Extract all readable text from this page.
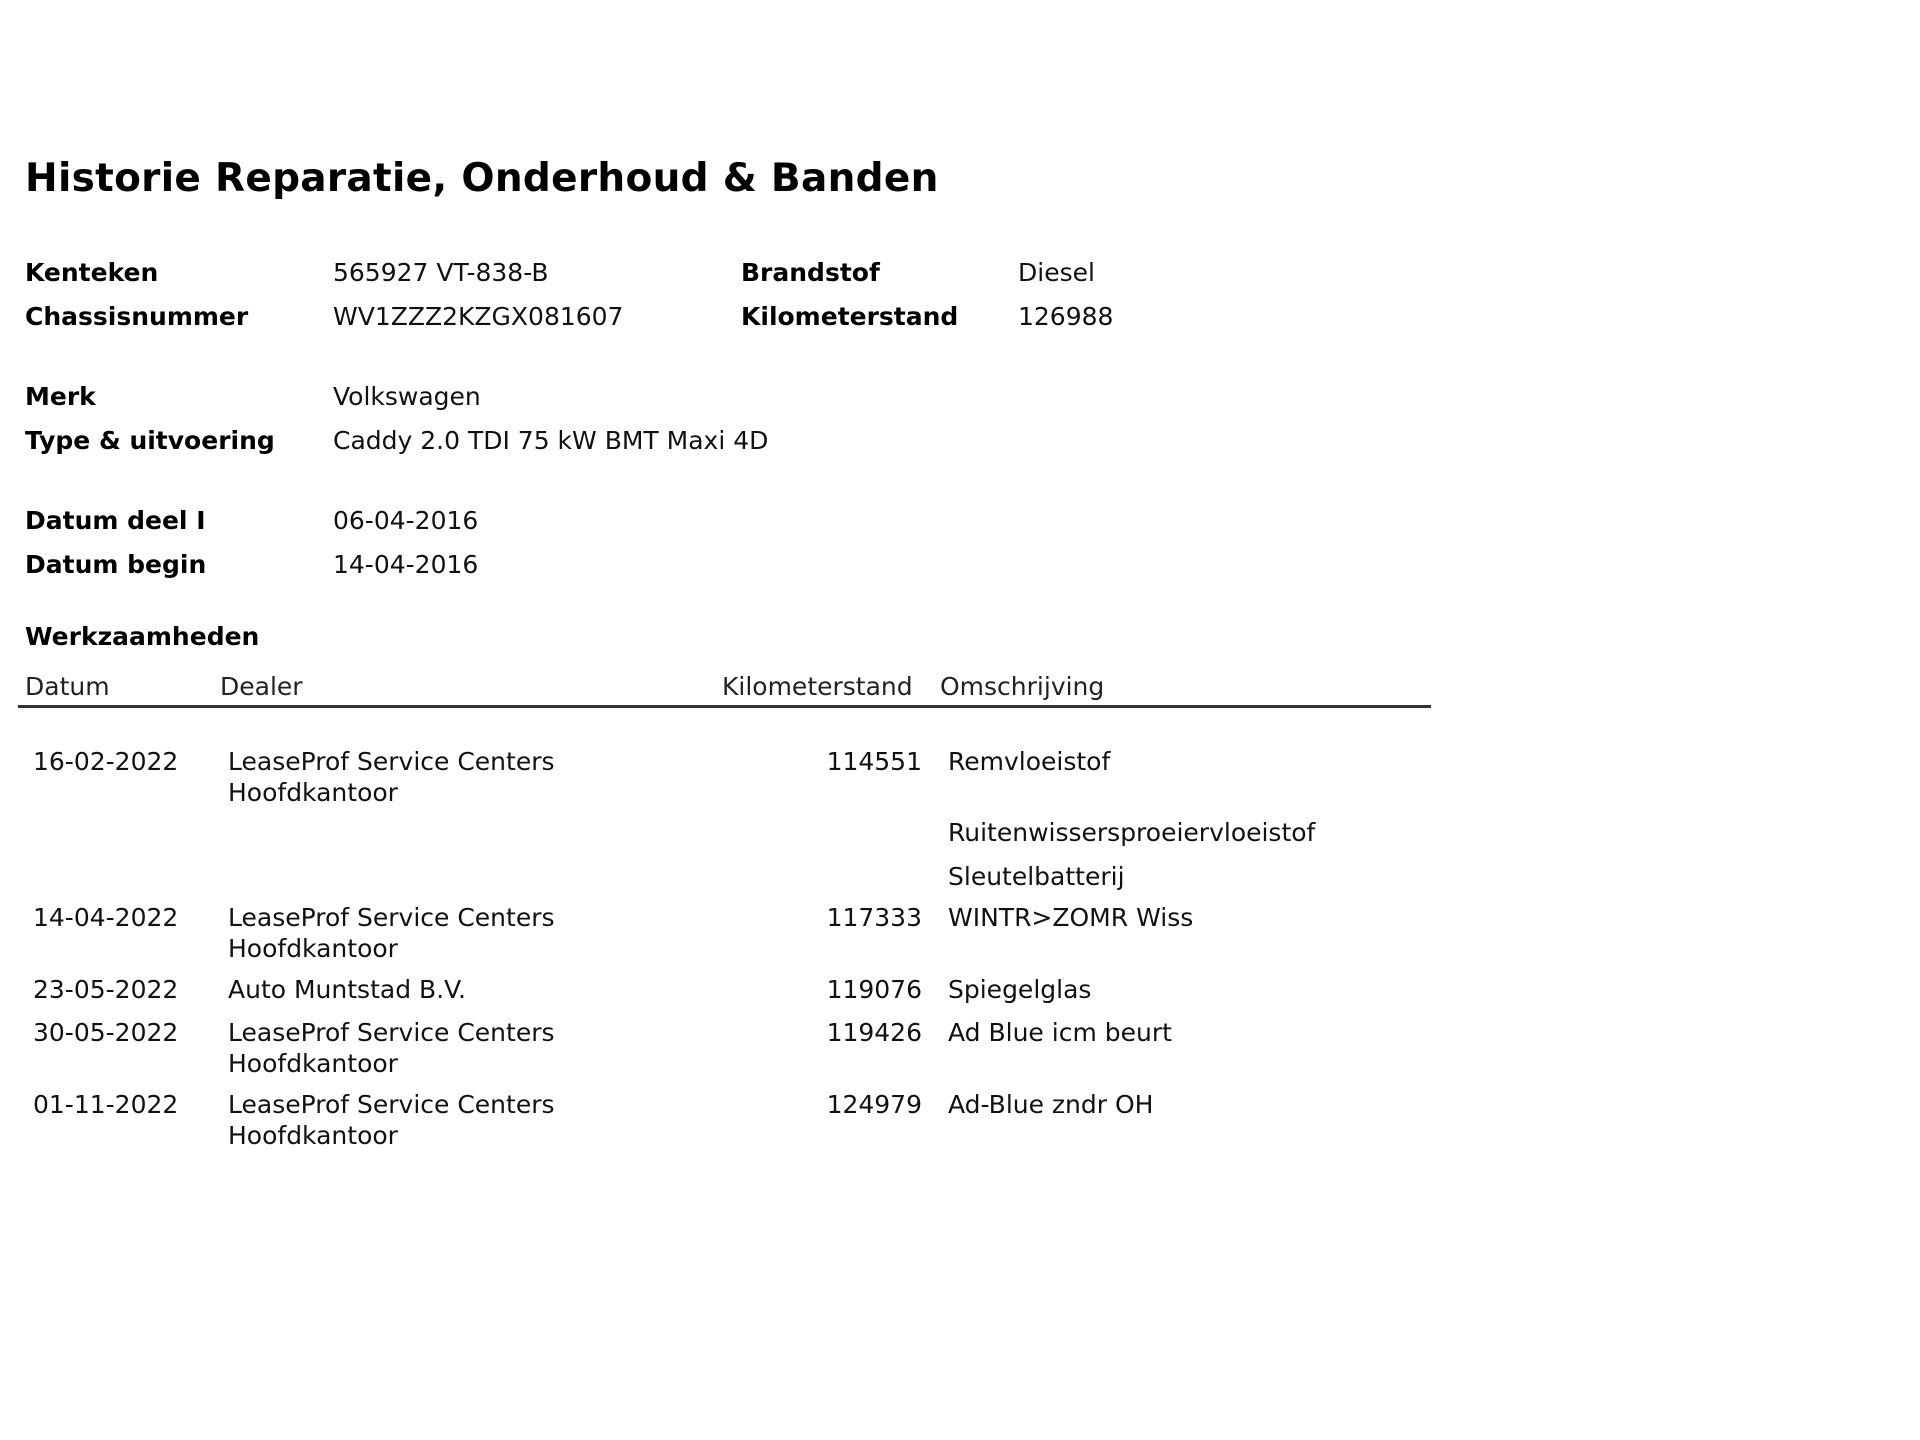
Historie Reparatie, Onderhoud & Banden
Kenteken	565927 VT-838-B	Brandstof	Diesel
Chassisnummer	WV1ZZZ2KZGX081607	Kilometerstand 126988
Merk	Volkswagen
Type & uitvoering Caddy 2.0 TDI 75 kW BMT Maxi 4D
Datum deel I	06-04-2016
Datum begin	14-04-2016
Werkzaamheden
Datum	Dealer	Kilometerstand Omschrijving
16-02-2022 LeaseProf Service Centers
Hoofdkantoor
114551 Remvloeistof
Ruitenwissersproeiervloeistof
Sleutelbatterij
14-04-2022 LeaseProf Service Centers
Hoofdkantoor
117333 WINTR>ZOMR Wiss
23-05-2022 Auto Muntstad B.V.	119076 Spiegelglas
30-05-2022 LeaseProf Service Centers
Hoofdkantoor
119426 Ad Blue icm beurt
01-11-2022 LeaseProf Service Centers
Hoofdkantoor
124979 Ad-Blue zndr OH
